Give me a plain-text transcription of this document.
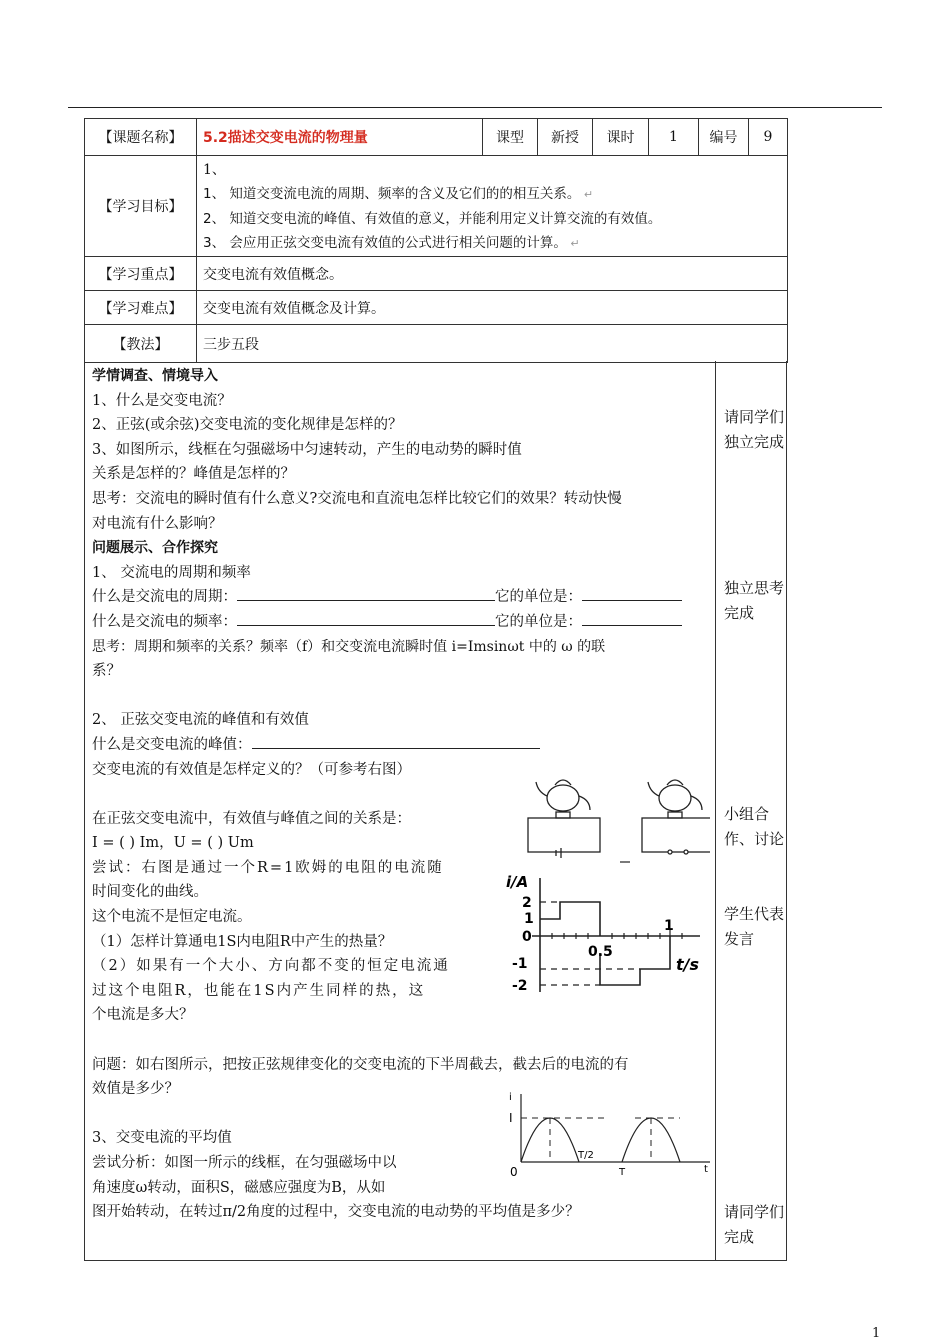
【课题名称】	5.2描述交变电流的物理量	课型	新授	课时	1	编号	9
【学习目标】	1、
1、 知道交变流电流的周期、频率的含义及它们的的相互关系。 ↵
2、 知道交变电流的峰值、有效值的意义，并能利用定义计算交流的有效值。
3、 会应用正弦交变电流有效值的公式进行相关问题的计算。 ↵						

【学习重点】	交变电流有效值概念。						
【学习难点】	交变电流有效值概念及计算。						
【教法】	三步五段						
学情调查、情境导入
1、什么是交变电流？
2、正弦(或余弦)交变电流的变化规律是怎样的？
3、如图所示，线框在匀强磁场中匀速转动，产生的电动势的瞬时值
关系是怎样的？峰值是怎样的？
思考：交流电的瞬时值有什么意义?交流电和直流电怎样比较它们的效果？转动快慢
对电流有什么影响？
问题展示、合作探究
1、 交流电的周期和频率
什么是交流电的周期：	它的单位是：
什么是交流电的频率：	它的单位是：
思考：周期和频率的关系？频率（f）和交变流电流瞬时值 i=Imsinωt 中的 ω 的联
系？
2、 正弦交变电流的峰值和有效值
什么是交变电流的峰值：
交变电流的有效值是怎样定义的？（可参考右图）
在正弦交变电流中，有效值与峰值之间的关系是：
I = ( ) Im，U = ( ) Um
尝试：右图是通过一个R=1欧姆的电阻的电流随
时间变化的曲线。
这个电流不是恒定电流。
（1）怎样计算通电1S内电阻R中产生的热量？
（2）如果有一个大小、方向都不变的恒定电流通
过这个电阻R，也能在1S内产生同样的热，这
个电流是多大？
问题：如右图所示，把按正弦规律变化的交变电流的下半周截去，截去后的电流的有
效值是多少？
3、交变电流的平均值
尝试分析：如图一所示的线框，在匀强磁场中以
角速度ω转动，面积S，磁感应强度为B，从如
图开始转动，在转过π/2角度的过程中，交变电流的电动势的平均值是多少？
请同学们独立完成
独立思考完成
小组合作、讨论
学生代表发言
请同学们完成
i/A
2
1
0
-1
-2
0.5
1
t/s
i
I
0
T/2
T	t
1
